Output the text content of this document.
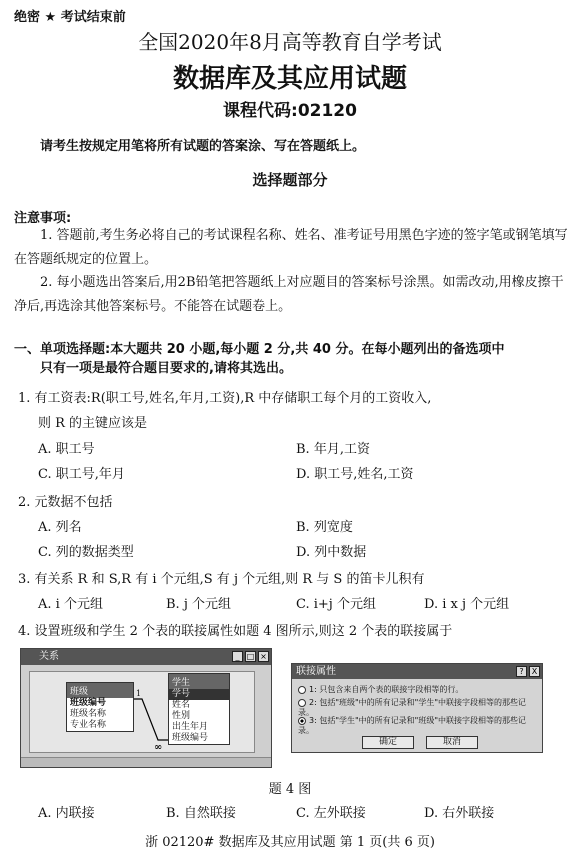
绝密 ★ 考试结束前
全国2020年8月高等教育自学考试
数据库及其应用试题
课程代码:02120
请考生按规定用笔将所有试题的答案涂、写在答题纸上。
选择题部分
注意事项:
1. 答题前,考生务必将自己的考试课程名称、姓名、准考证号用黑色字迹的签字笔或钢笔填写在答题纸规定的位置上。
2. 每小题选出答案后,用2B铅笔把答题纸上对应题目的答案标号涂黑。如需改动,用橡皮擦干净后,再选涂其他答案标号。不能答在试题卷上。
一、单项选择题:本大题共 20 小题,每小题 2 分,共 40 分。在每小题列出的备选项中
只有一项是最符合题目要求的,请将其选出。
1. 有工资表:R(职工号,姓名,年月,工资),R 中存储职工每个月的工资收入,
则 R 的主键应该是
A. 职工号	B. 年月,工资
C. 职工号,年月	D. 职工号,姓名,工资
2. 元数据不包括
A. 列名	B. 列宽度
C. 列的数据类型	D. 列中数据
3. 有关系 R 和 S,R 有 i 个元组,S 有 j 个元组,则 R 与 S 的笛卡儿积有
A. i 个元组	B. j 个元组	C. i+j 个元组	D. i x j 个元组
4. 设置班级和学生 2 个表的联接属性如题 4 图所示,则这 2 个表的联接属于
关系	_ □ ×
班级
班级编号
班级名称
专业名称
学生
学号
姓名
性别
出生年月
班级编号
1
∞
联接属性	?	X
1: 只包含来自两个表的联接字段相等的行。
2: 包括"班级"中的所有记录和"学生"中联接字段相等的那些记录。
3: 包括"学生"中的所有记录和"班级"中联接字段相等的那些记录。
确定	取消
题 4 图
A. 内联接	B. 自然联接	C. 左外联接	D. 右外联接
浙 02120# 数据库及其应用试题 第 1 页(共 6 页)
